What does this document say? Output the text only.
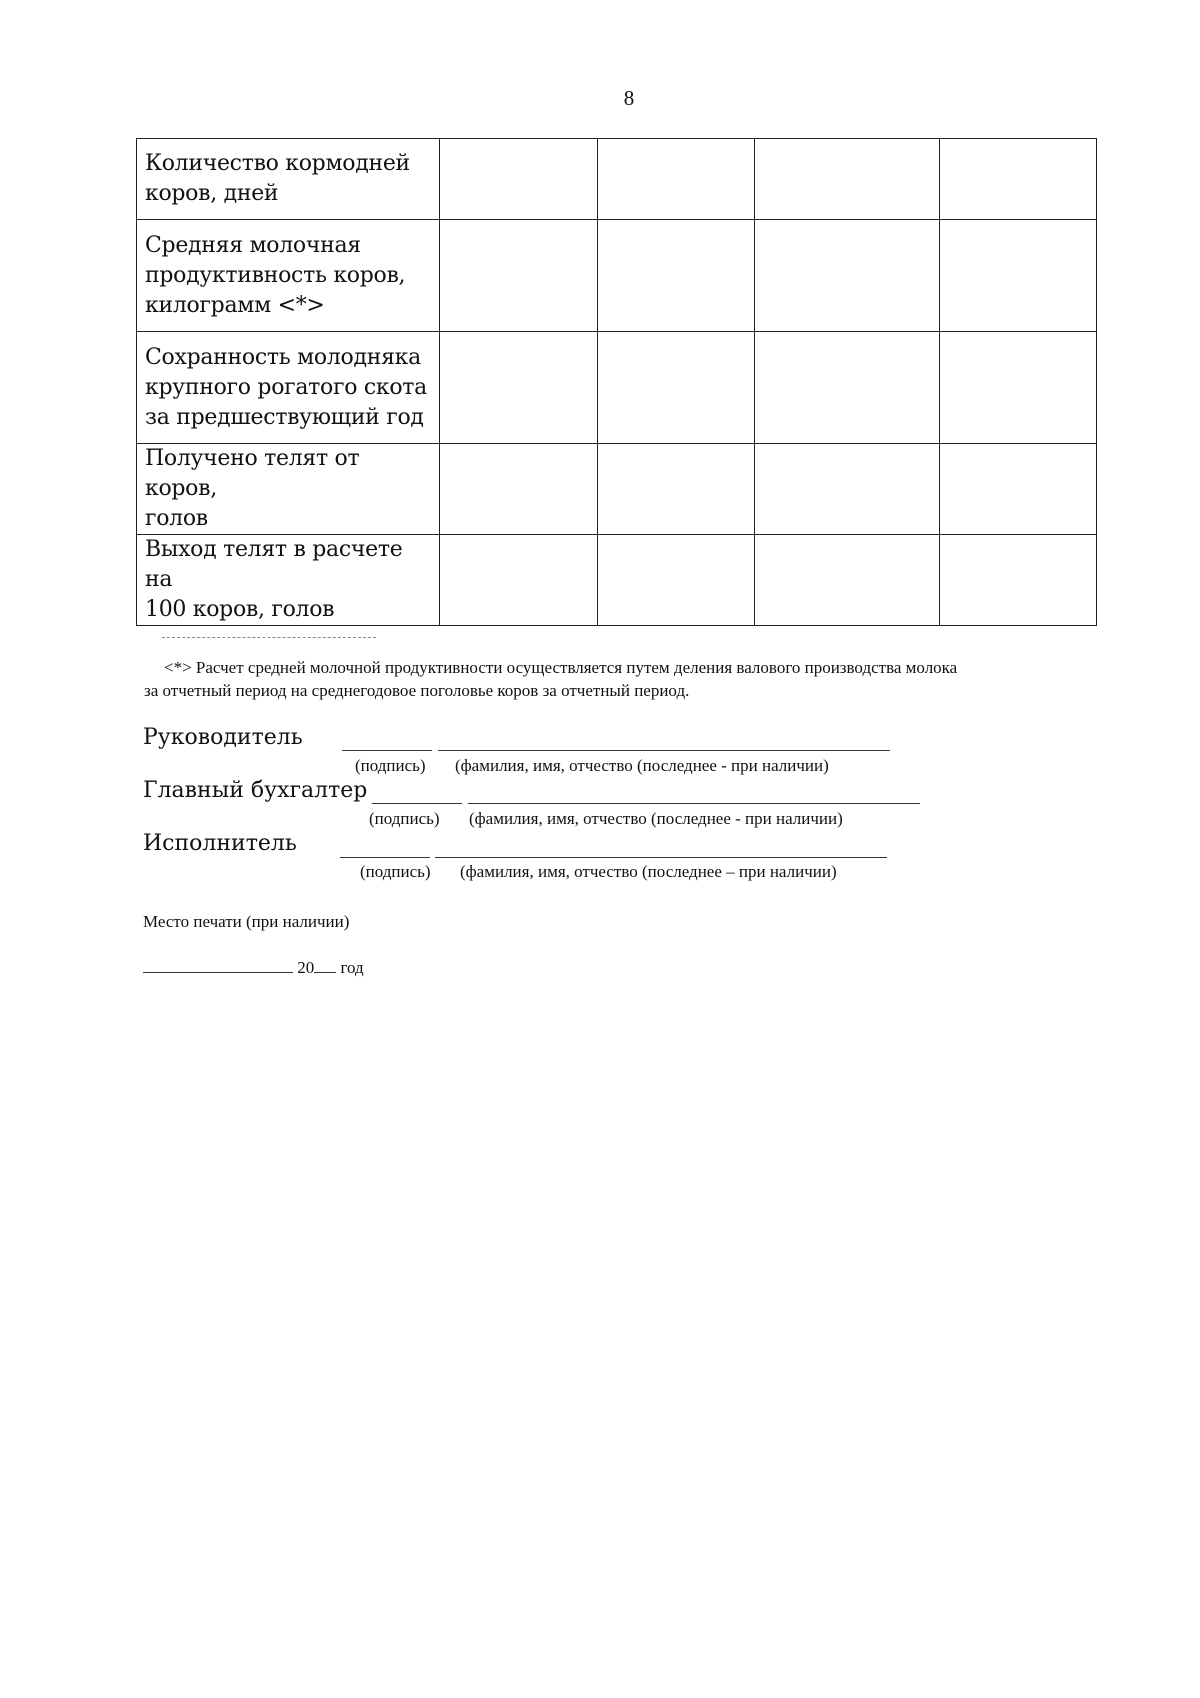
8
Количество кормодней
коров, дней				

Средняя молочная
продуктивность коров,
килограмм <*>				

Сохранность молодняка
крупного рогатого скота
за предшествующий год				

Получено телят от коров,
голов				

Выход телят в расчете на
100 коров, голов				

<*> Расчет средней молочной продуктивности осуществляется путем деления валового производства молока
за отчетный период на среднегодовое поголовье коров за отчетный период.
Руководитель
(подпись) (фамилия, имя, отчество (последнее - при наличии)
Главный бухгалтер
(подпись) (фамилия, имя, отчество (последнее - при наличии)
Исполнитель
(подпись) (фамилия, имя, отчество (последнее – при наличии)
Место печати (при наличии)
20 год
